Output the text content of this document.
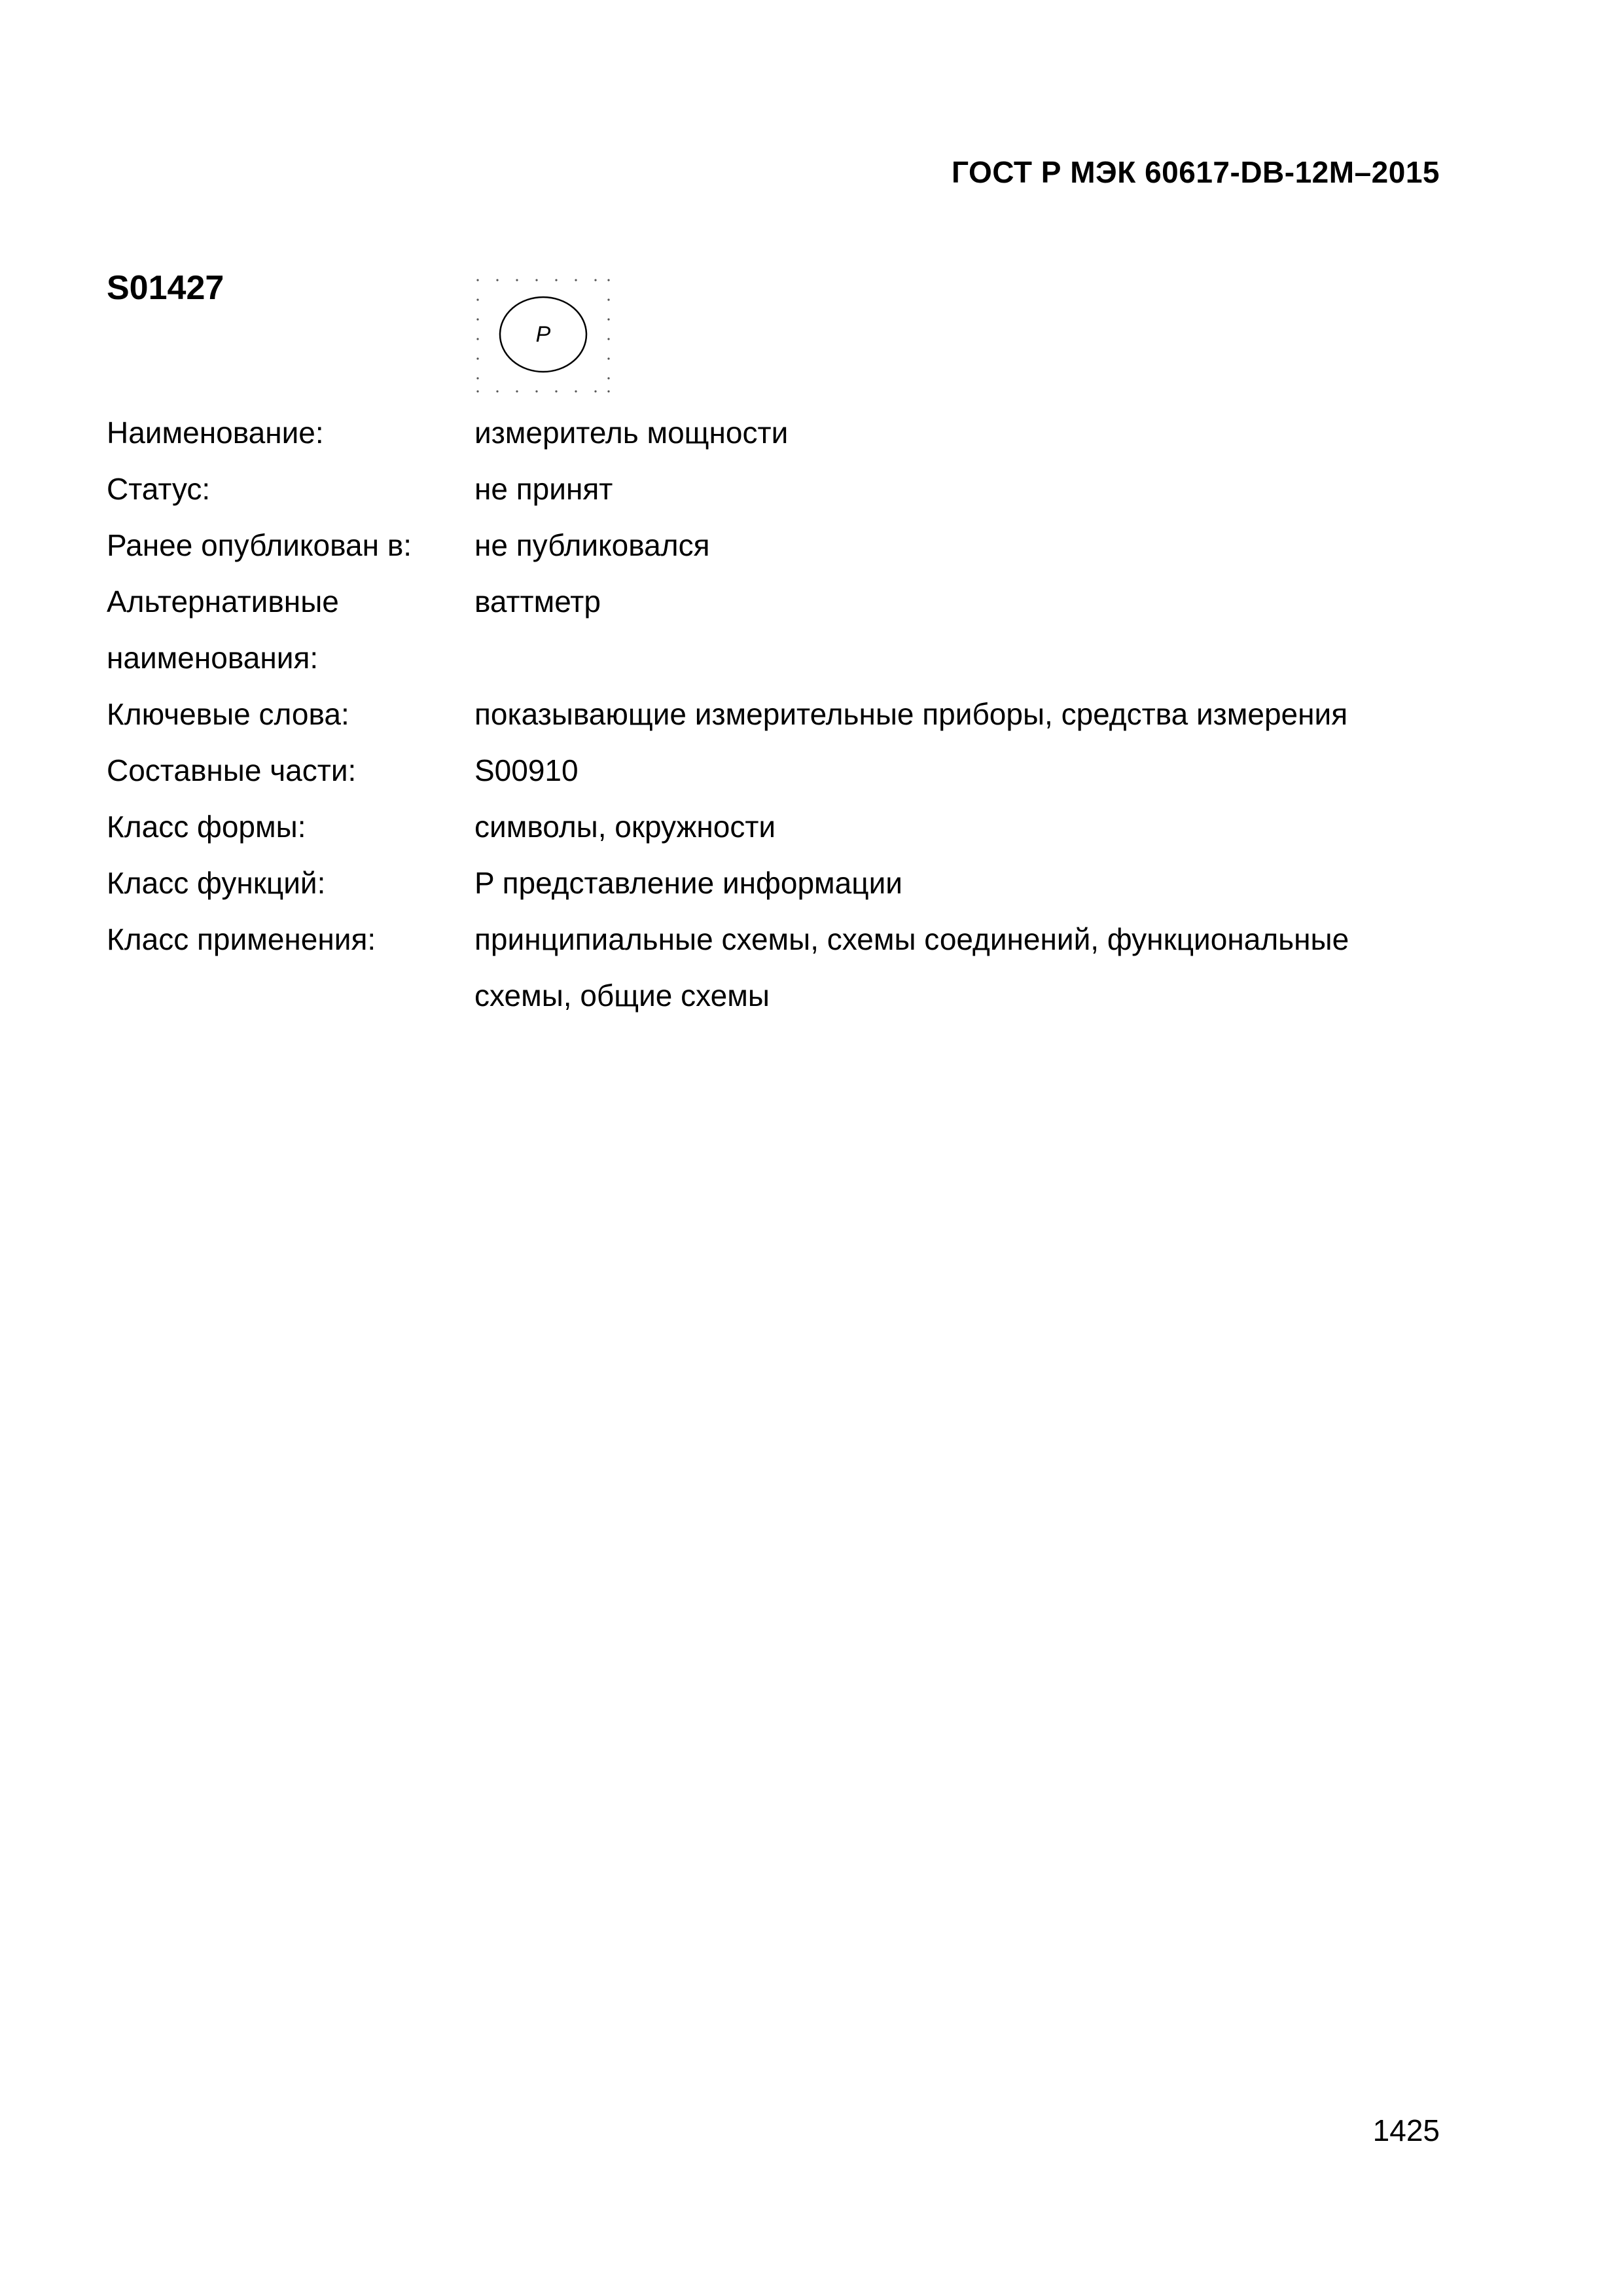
ГОСТ Р МЭК 60617-DB-12М–2015
S01427
P
Наименование:	измеритель мощности
Статус:	не принят
Ранее опубликован в:	не публиковался
Альтернативные наименования:	ваттметр
Ключевые слова:	показывающие измерительные приборы, средства измерения
Составные части:	S00910
Класс формы:	символы, окружности
Класс функций:	P представление информации
Класс применения:	принципиальные схемы, схемы соединений, функциональные схемы, общие схемы
1425
